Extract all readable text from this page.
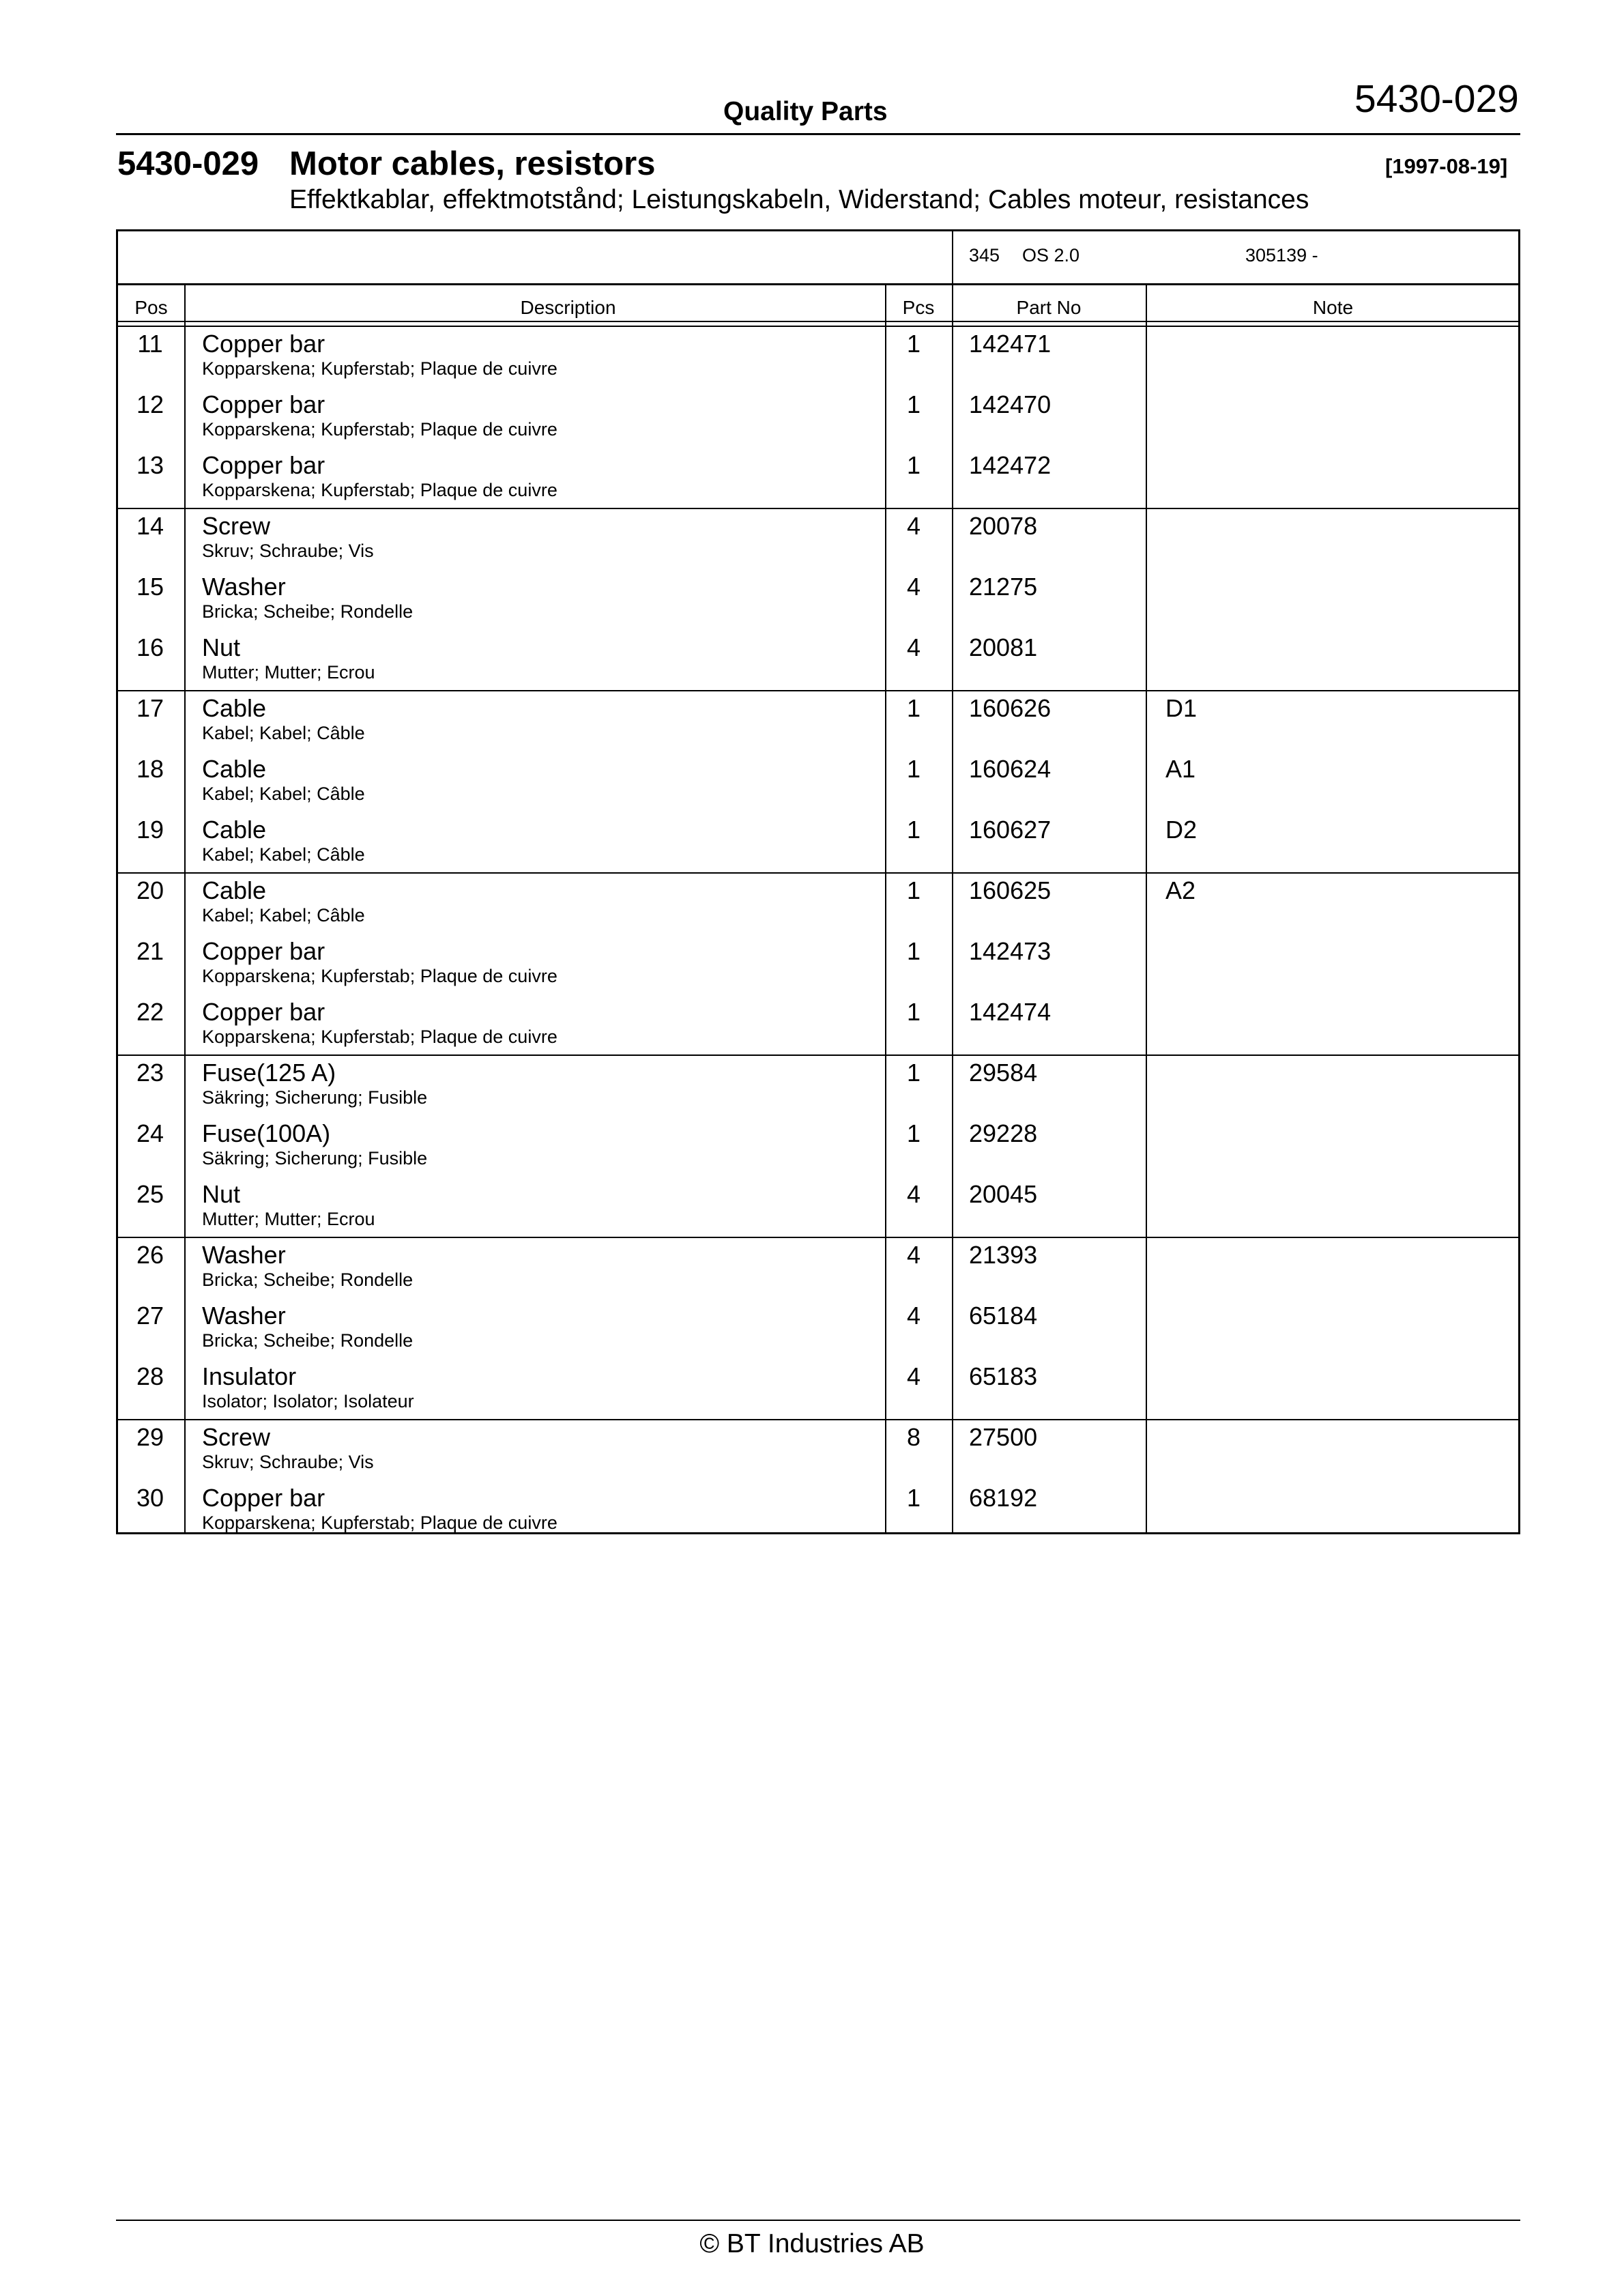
Quality Parts	5430-029
5430-029 Motor cables, resistors	[1997-08-19]
Effektkablar, effektmotstånd; Leistungskabeln, Widerstand; Cables moteur, resistances
345 OS 2.0	305139 -
Pos	Description	Pcs	Part No	Note
11	Copper bar
Kopparskena; Kupferstab; Plaque de cuivre
1 142471
12	Copper bar
Kopparskena; Kupferstab; Plaque de cuivre
1 142470
13	Copper bar
Kopparskena; Kupferstab; Plaque de cuivre
1 142472
14	Screw
Skruv; Schraube; Vis
4 20078
15	Washer
Bricka; Scheibe; Rondelle
4 21275
16	Nut
Mutter; Mutter; Ecrou
4 20081
17	Cable
Kabel; Kabel; Câble
1 160626	D1
18	Cable
Kabel; Kabel; Câble
1 160624	A1
19	Cable
Kabel; Kabel; Câble
1 160627	D2
20	Cable
Kabel; Kabel; Câble
1 160625	A2
21	Copper bar
Kopparskena; Kupferstab; Plaque de cuivre
1 142473
22	Copper bar
Kopparskena; Kupferstab; Plaque de cuivre
1 142474
23	Fuse(125 A)
Säkring; Sicherung; Fusible
1 29584
24	Fuse(100A)
Säkring; Sicherung; Fusible
1 29228
25	Nut
Mutter; Mutter; Ecrou
4 20045
26	Washer
Bricka; Scheibe; Rondelle
4 21393
27	Washer
Bricka; Scheibe; Rondelle
4 65184
28	Insulator
Isolator; Isolator; Isolateur
4 65183
29	Screw
Skruv; Schraube; Vis
8 27500
30	Copper bar
Kopparskena; Kupferstab; Plaque de cuivre
1 68192
© BT Industries AB
